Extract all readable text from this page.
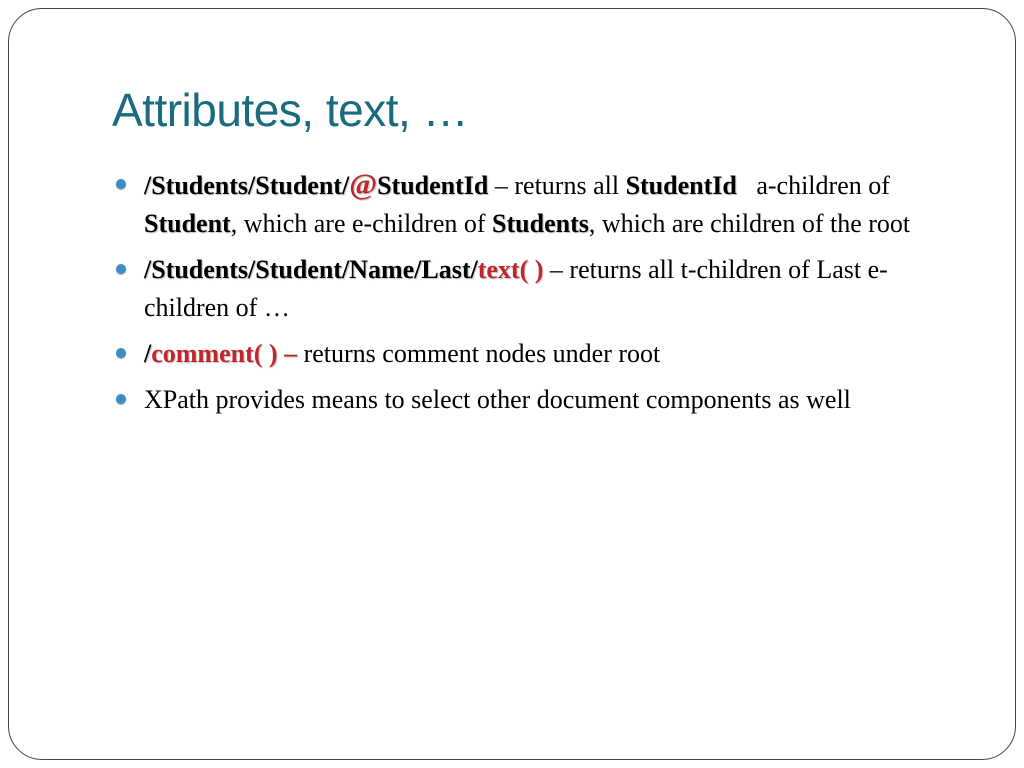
Attributes, text, …
/Students/Student/@StudentId – returns all StudentId   a-children of Student, which are e-children of Students, which are children of the root
/Students/Student/Name/Last/text( ) – returns all t-children of Last e-children of …
/comment( ) – returns comment nodes under root
XPath provides means to select other document components as well
